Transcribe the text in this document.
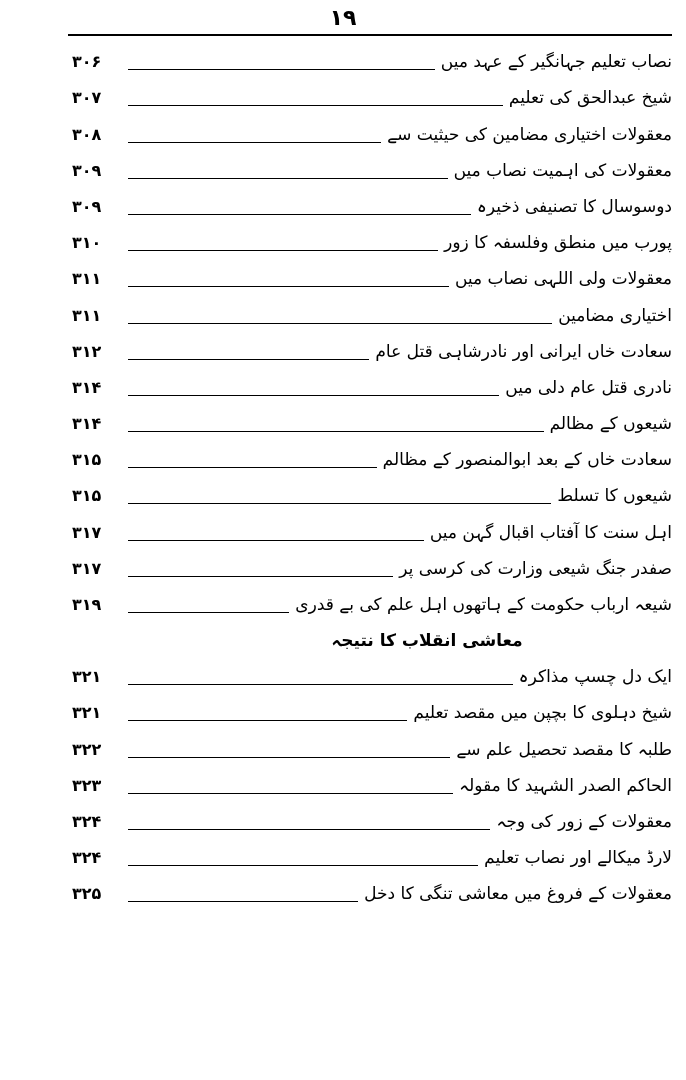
۱۹
نصاب تعلیم جہانگیر کے عہد میں
۳۰۶
شیخ عبدالحق کی تعلیم
۳۰۷
معقولات اختیاری مضامین کی حیثیت سے
۳۰۸
معقولات کی اہمیت نصاب میں
۳۰۹
دوسوسال کا تصنیفی ذخیرہ
۳۰۹
پورب میں منطق وفلسفہ کا زور
۳۱۰
معقولات ولی اللہی نصاب میں
۳۱۱
اختیاری مضامین
۳۱۱
سعادت خاں ایرانی اور نادرشاہی قتل عام
۳۱۲
نادری قتل عام دلی میں
۳۱۴
شیعوں کے مظالم
۳۱۴
سعادت خاں کے بعد ابوالمنصور کے مظالم
۳۱۵
شیعوں کا تسلط
۳۱۵
اہل سنت کا آفتاب اقبال گہن میں
۳۱۷
صفدر جنگ شیعی وزارت کی کرسی پر
۳۱۷
شیعہ ارباب حکومت کے ہاتھوں اہل علم کی بے قدری
۳۱۹
معاشی انقلاب کا نتیجہ
ایک دل چسپ مذاکرہ
۳۲۱
شیخ دہلوی کا بچپن میں مقصد تعلیم
۳۲۱
طلبہ کا مقصد تحصیل علم سے
۳۲۲
الحاکم الصدر الشہید کا مقولہ
۳۲۳
معقولات کے زور کی وجہ
۳۲۴
لارڈ میکالے اور نصاب تعلیم
۳۲۴
معقولات کے فروغ میں معاشی تنگی کا دخل
۳۲۵
